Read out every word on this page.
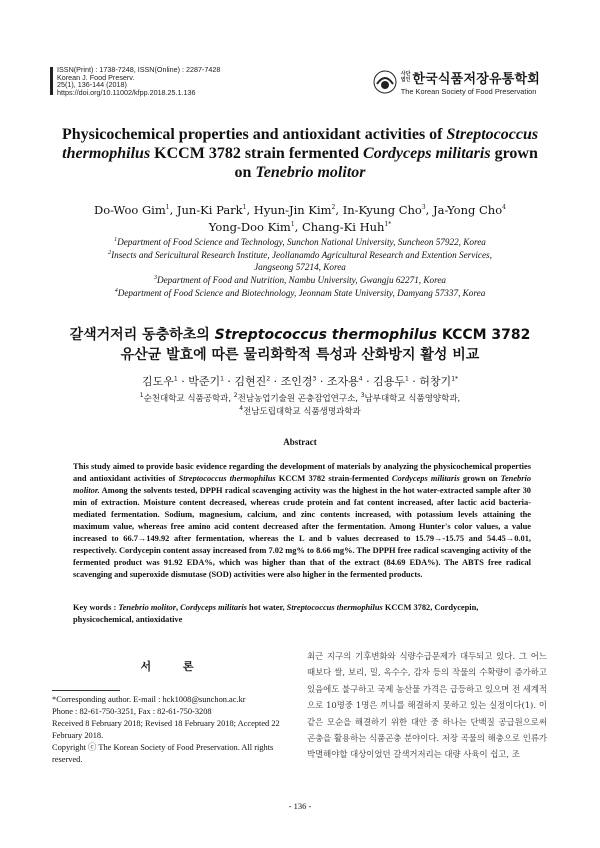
ISSN(Print) : 1738-7248, ISSN(Online) : 2287-7428
Korean J. Food Preserv.
25(1), 136-144 (2018)
https://doi.org/10.11002/kfpp.2018.25.1.136
사단
법인 한국식품저장유통학회
The Korean Society of Food Preservation
Physicochemical properties and antioxidant activities of Streptococcus
thermophilus KCCM 3782 strain fermented Cordyceps militaris grown
on Tenebrio molitor
Do-Woo Gim$^1$, Jun-Ki Park$^1$, Hyun-Jin Kim$^2$, In-Kyung Cho$^3$, Ja-Yong Cho$^4$
Yong-Doo Kim$^1$, Chang-Ki Huh$^{1*}$
$^1$Department of Food Science and Technology, Sunchon National University, Suncheon 57922, Korea
$^2$Insects and Sericultural Research Institute, Jeollanamdo Agricultural Research and Extention Services,
Jangseong 57214, Korea
$^3$Department of Food and Nutrition, Nambu University, Gwangju 62271, Korea
$^4$Department of Food Science and Biotechnology, Jeonnam State University, Damyang 57337, Korea
갈색거저리 동충하초의 Streptococcus thermophilus KCCM 3782
유산균 발효에 따른 물리화학적 특성과 산화방지 활성 비교
김도우$^1$ · 박준기$^1$ · 김현진$^2$ · 조인경$^3$ · 조자용$^4$ · 김용두$^1$ · 허창기$^{1*}$
$^1$순천대학교 식품공학과, $^2$전남농업기술원 곤충잠업연구소, $^3$남부대학교 식품영양학과,
$^4$전남도립대학교 식품생명과학과
Abstract
This study aimed to provide basic evidence regarding the development of materials by analyzing the physicochemical properties and antioxidant activities of Streptococcus thermophilus KCCM 3782 strain-fermented Cordyceps militaris grown on Tenebrio molitor. Among the solvents tested, DPPH radical scavenging activity was the highest in the hot water-extracted sample after 30 min of extraction. Moisture content decreased, whereas crude protein and fat content increased, after lactic acid bacteria-mediated fermentation. Sodium, magnesium, calcium, and zinc contents increased, with potassium levels attaining the maximum value, whereas free amino acid content decreased after the fermentation. Among Hunter's color values, a value increased to 66.7→149.92 after fermentation, whereas the L and b values decreased to 15.79→-15.75 and 54.45→0.01, respectively. Cordycepin content assay increased from 7.02 mg% to 8.66 mg%. The DPPH free radical scavenging activity of the fermented product was 91.92 EDA%, which was higher than that of the extract (84.69 EDA%). The ABTS free radical scavenging and superoxide dismutase (SOD) activities were also higher in the fermented products.
Key words : Tenebrio molitor, Cordyceps militaris hot water, Streptococcus thermophilus KCCM 3782, Cordycepin, physicochemical, antioxidative
서 론
*Corresponding author. E-mail : hck1008@sunchon.ac.kr
Phone : 82-61-750-3251, Fax : 82-61-750-3208
Received 8 February 2018; Revised 18 February 2018; Accepted 22 February 2018.
Copyright ⓒ The Korean Society of Food Preservation. All rights reserved.
최근 지구의 기후변화와 식량수급문제가 대두되고 있다. 그 어느 때보다 쌀, 보리, 밀, 옥수수, 감자 등의 작물의 수확량이 증가하고 있음에도 불구하고 국제 농산물 가격은 급등하고 있으며 전 세계적으로 10명중 1명은 끼니를 해결하지 못하고 있는 실정이다(1). 이 같은 모순을 해결하기 위한 대안 중 하나는 단백질 공급원으로써 곤충을 활용하는 식품곤충 분야이다. 저장 곡물의 해충으로 인류가 박멸해야할 대상이었던 갈색거저리는 대량 사육이 쉽고, 조
- 136 -
